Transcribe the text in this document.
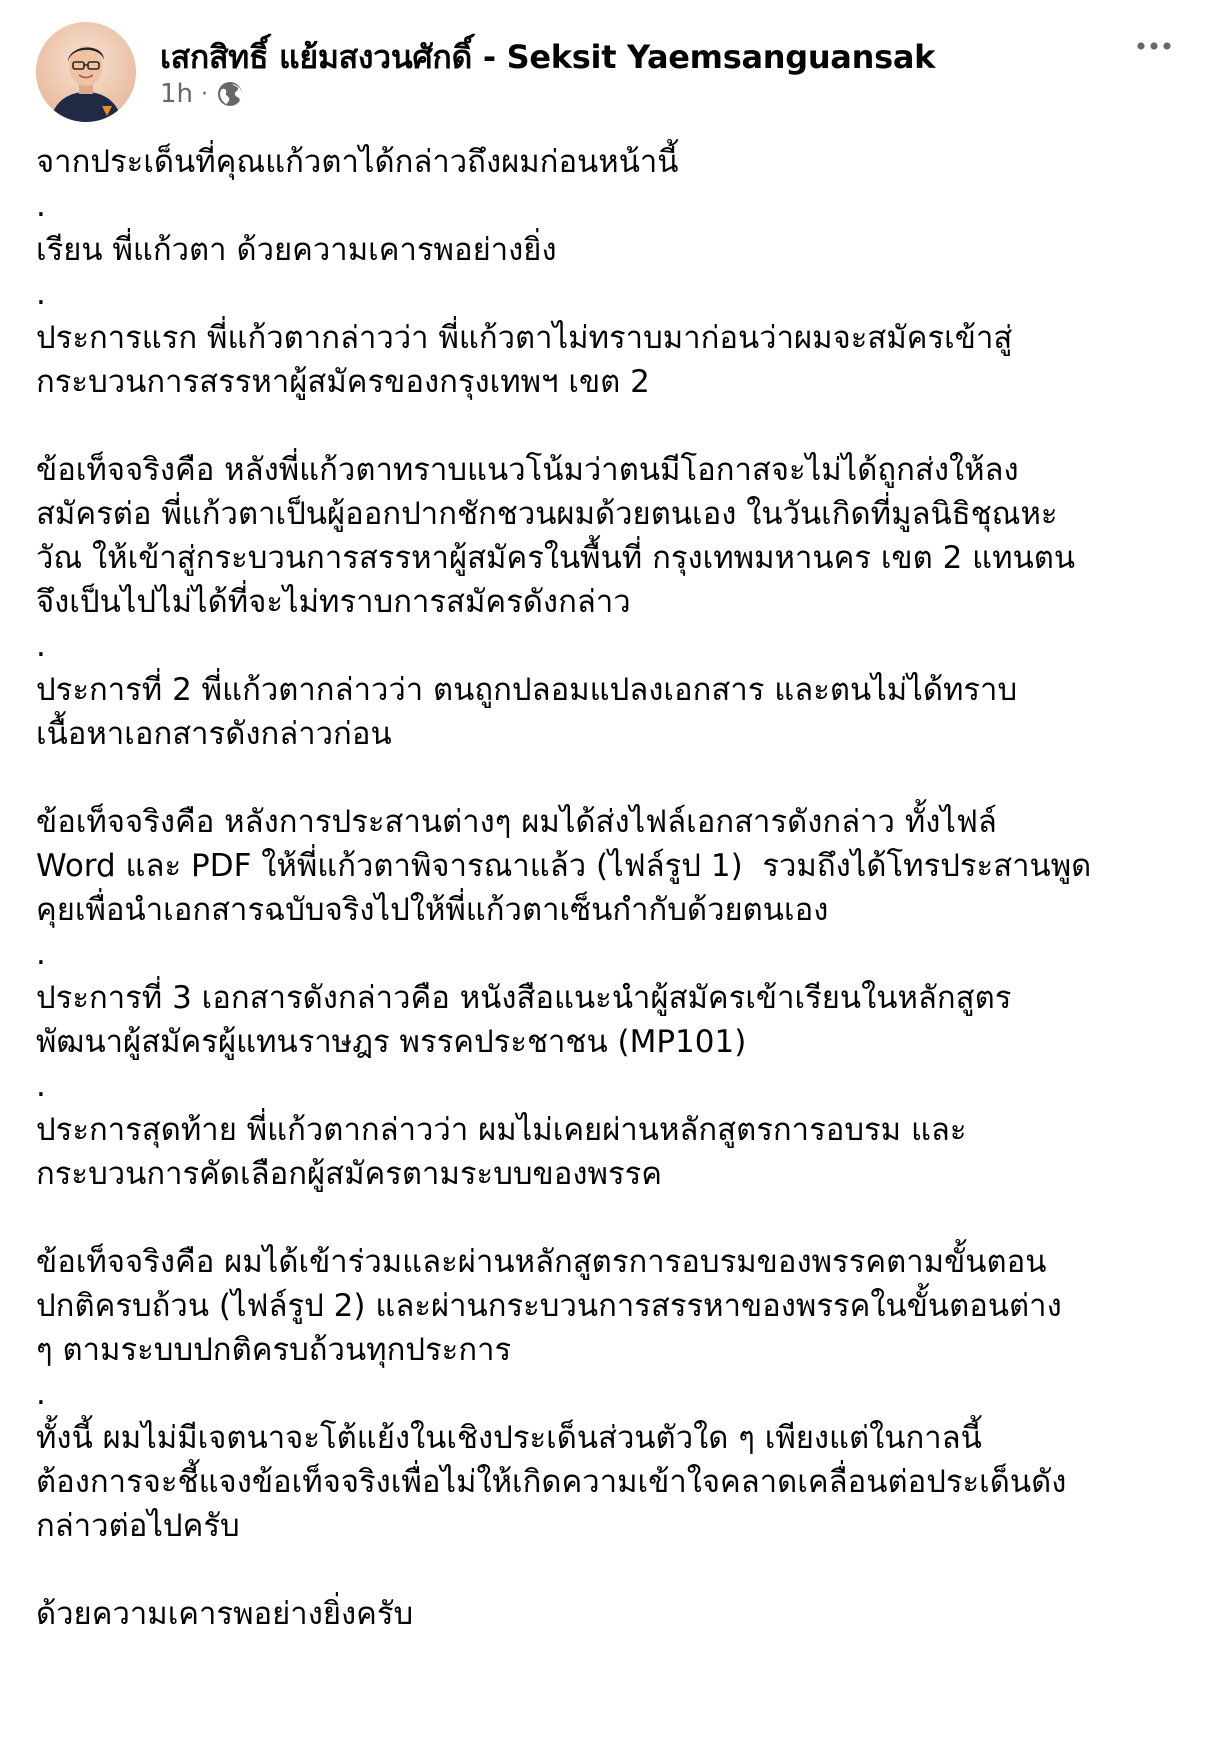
เสกสิทธิ์ แย้มสงวนศักดิ์ - Seksit Yaemsanguansak
1h ·

จากประเด็นที่คุณแก้วตาได้กล่าวถึงผมก่อนหน้านี้

.

เรียน พี่แก้วตา ด้วยความเคารพอย่างยิ่ง

.

ประการแรก พี่แก้วตากล่าวว่า พี่แก้วตาไม่ทราบมาก่อนว่าผมจะสมัครเข้าสู่
กระบวนการสรรหาผู้สมัครของกรุงเทพฯ เขต 2

ข้อเท็จจริงคือ หลังพี่แก้วตาทราบแนวโน้มว่าตนมีโอกาสจะไม่ได้ถูกส่งให้ลง
สมัครต่อ พี่แก้วตาเป็นผู้ออกปากชักชวนผมด้วยตนเอง ในวันเกิดที่มูลนิธิชุณหะ
วัณ ให้เข้าสู่กระบวนการสรรหาผู้สมัครในพื้นที่ กรุงเทพมหานคร เขต 2 แทนตน
จึงเป็นไปไม่ได้ที่จะไม่ทราบการสมัครดังกล่าว

.

ประการที่ 2 พี่แก้วตากล่าวว่า ตนถูกปลอมแปลงเอกสาร และตนไม่ได้ทราบ
เนื้อหาเอกสารดังกล่าวก่อน

ข้อเท็จจริงคือ หลังการประสานต่างๆ ผมได้ส่งไฟล์เอกสารดังกล่าว ทั้งไฟล์
Word และ PDF ให้พี่แก้วตาพิจารณาแล้ว (ไฟล์รูป 1)  รวมถึงได้โทรประสานพูด
คุยเพื่อนำเอกสารฉบับจริงไปให้พี่แก้วตาเซ็นกำกับด้วยตนเอง

.

ประการที่ 3 เอกสารดังกล่าวคือ หนังสือแนะนำผู้สมัครเข้าเรียนในหลักสูตร
พัฒนาผู้สมัครผู้แทนราษฎร พรรคประชาชน (MP101)

.

ประการสุดท้าย พี่แก้วตากล่าวว่า ผมไม่เคยผ่านหลักสูตรการอบรม และ
กระบวนการคัดเลือกผู้สมัครตามระบบของพรรค

ข้อเท็จจริงคือ ผมได้เข้าร่วมและผ่านหลักสูตรการอบรมของพรรคตามขั้นตอน
ปกติครบถ้วน (ไฟล์รูป 2) และผ่านกระบวนการสรรหาของพรรคในขั้นตอนต่าง
ๆ ตามระบบปกติครบถ้วนทุกประการ

.

ทั้งนี้ ผมไม่มีเจตนาจะโต้แย้งในเชิงประเด็นส่วนตัวใด ๆ เพียงแต่ในกาลนี้
ต้องการจะชี้แจงข้อเท็จจริงเพื่อไม่ให้เกิดความเข้าใจคลาดเคลื่อนต่อประเด็นดัง
กล่าวต่อไปครับ

ด้วยความเคารพอย่างยิ่งครับ
